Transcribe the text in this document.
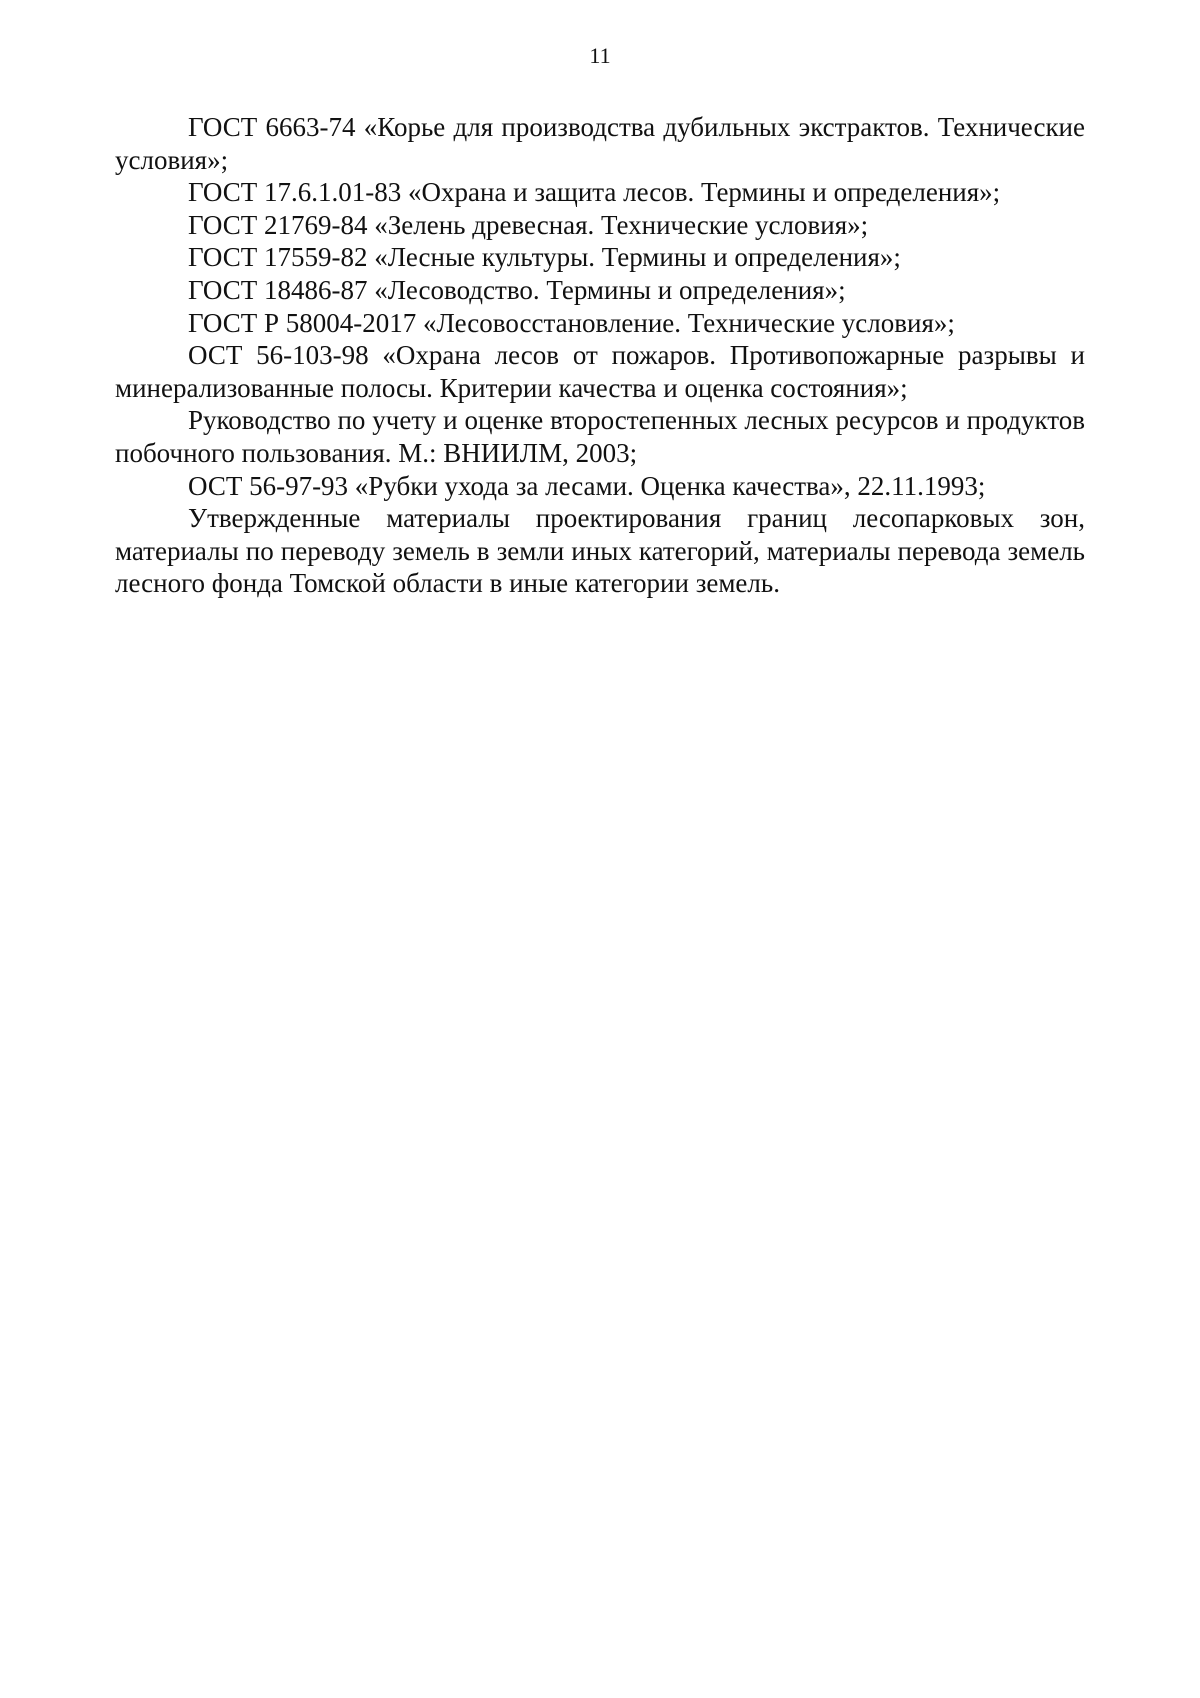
11

ГОСТ 6663-74 «Корье для производства дубильных экстрактов. Технические условия»;

ГОСТ 17.6.1.01-83 «Охрана и защита лесов. Термины и определения»;

ГОСТ 21769-84 «Зелень древесная. Технические условия»;

ГОСТ 17559-82 «Лесные культуры. Термины и определения»;

ГОСТ 18486-87 «Лесоводство. Термины и определения»;

ГОСТ Р 58004-2017 «Лесовосстановление. Технические условия»;

ОСТ 56-103-98 «Охрана лесов от пожаров. Противопожарные разрывы и минерализованные полосы. Критерии качества и оценка состояния»;

Руководство по учету и оценке второстепенных лесных ресурсов и продуктов побочного пользования. М.: ВНИИЛМ, 2003;

ОСТ 56-97-93 «Рубки ухода за лесами. Оценка качества», 22.11.1993;

Утвержденные материалы проектирования границ лесопарковых зон, материалы по переводу земель в земли иных категорий, материалы перевода земель лесного фонда Томской области в иные категории земель.
